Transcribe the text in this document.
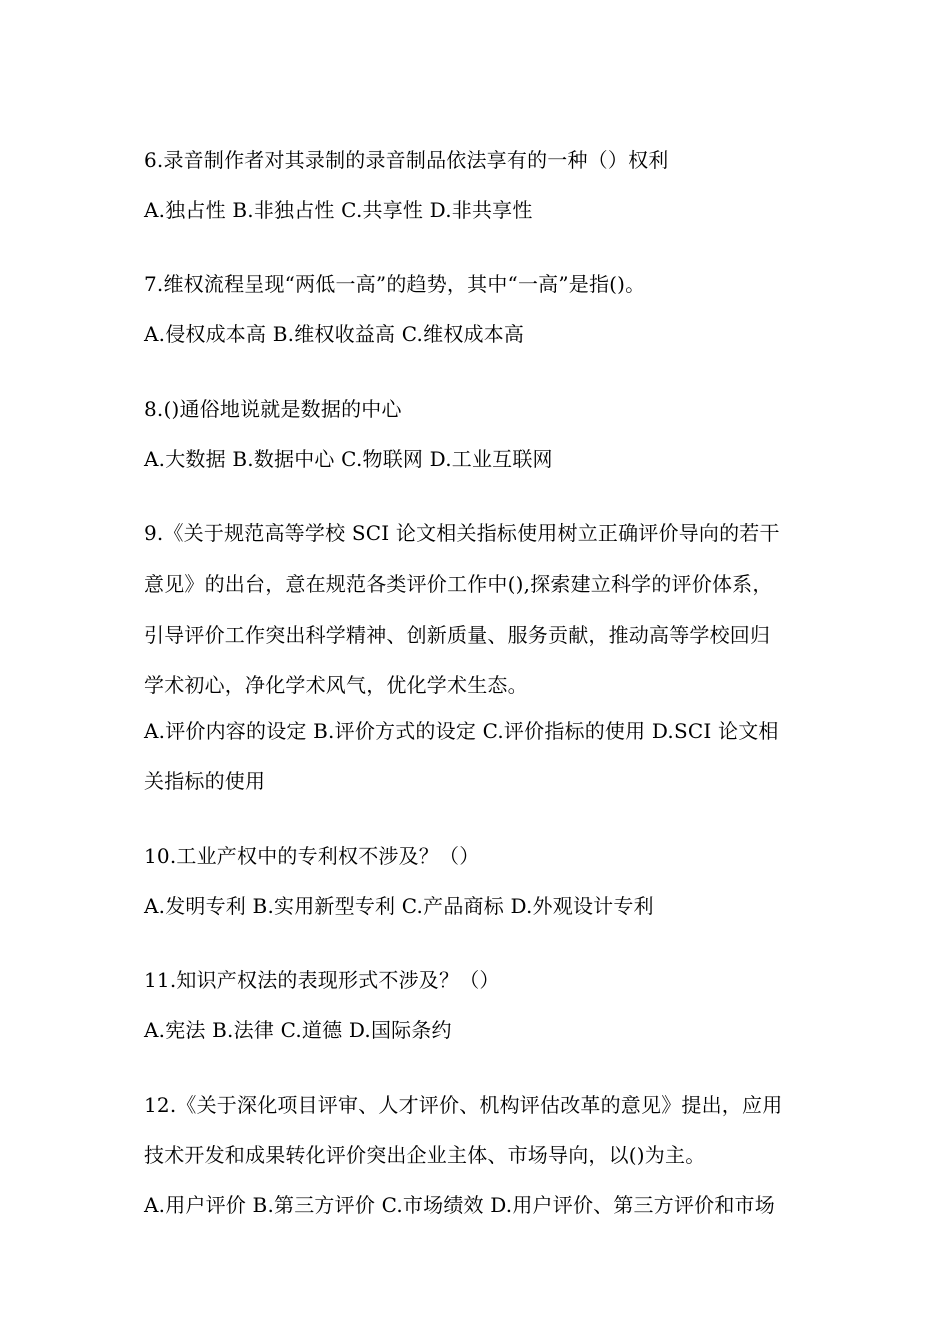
6.录音制作者对其录制的录音制品依法享有的一种（）权利
A.独占性 B.非独占性 C.共享性 D.非共享性
7.维权流程呈现“两低一高”的趋势，其中“一高”是指()。
A.侵权成本高 B.维权收益高 C.维权成本高
8.()通俗地说就是数据的中心
A.大数据 B.数据中心 C.物联网 D.工业互联网
9.《关于规范高等学校 SCI 论文相关指标使用树立正确评价导向的若干
意见》的出台，意在规范各类评价工作中(),探索建立科学的评价体系，
引导评价工作突出科学精神、创新质量、服务贡献，推动高等学校回归
学术初心，净化学术风气，优化学术生态。
A.评价内容的设定 B.评价方式的设定 C.评价指标的使用 D.SCI 论文相
关指标的使用
10.工业产权中的专利权不涉及？（）
A.发明专利 B.实用新型专利 C.产品商标 D.外观设计专利
11.知识产权法的表现形式不涉及？（）
A.宪法 B.法律 C.道德 D.国际条约
12.《关于深化项目评审、人才评价、机构评估改革的意见》提出，应用
技术开发和成果转化评价突出企业主体、市场导向，以()为主。
A.用户评价 B.第三方评价 C.市场绩效 D.用户评价、第三方评价和市场
